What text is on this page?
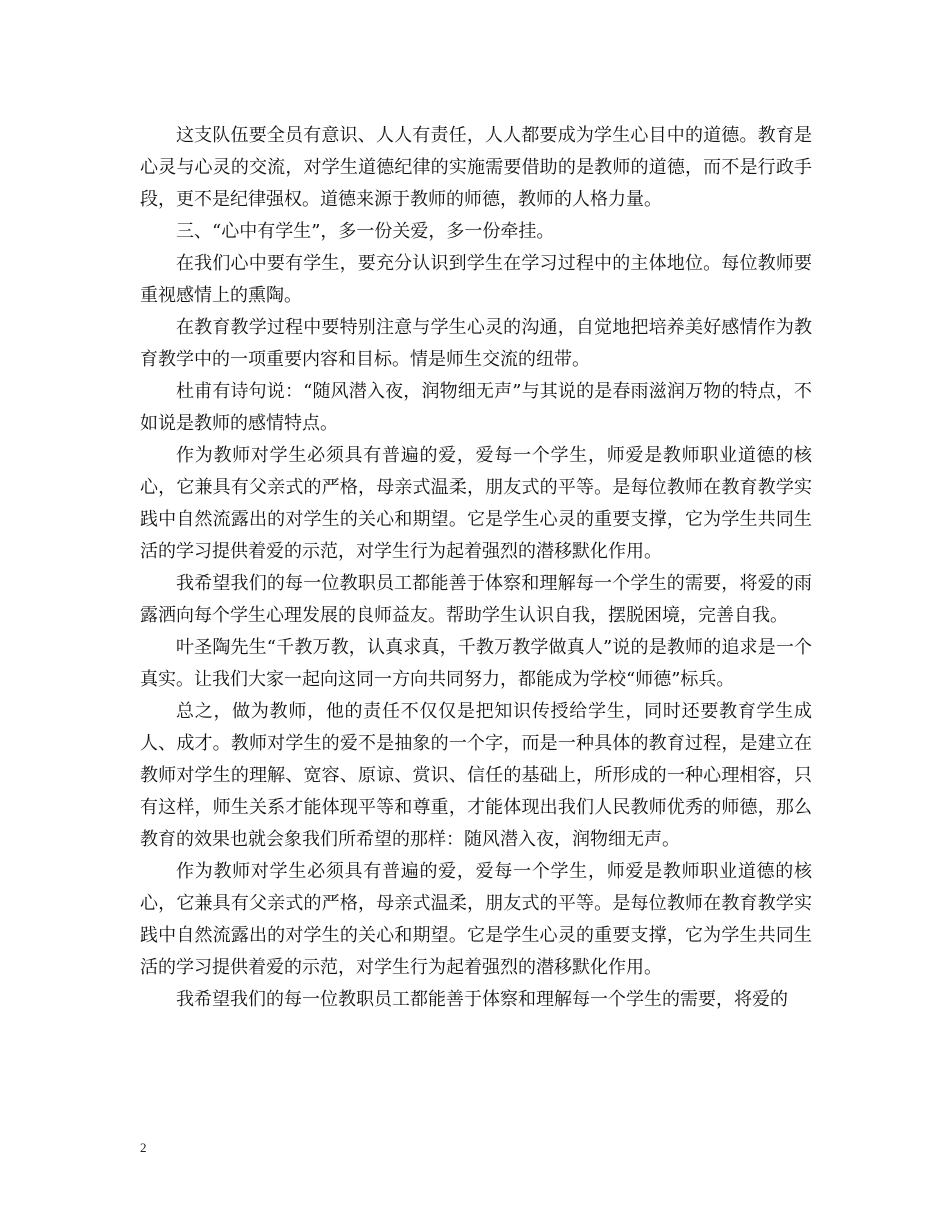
这支队伍要全员有意识、人人有责任，人人都要成为学生心目中的道德。教育是心灵与心灵的交流，对学生道德纪律的实施需要借助的是教师的道德，而不是行政手段，更不是纪律强权。道德来源于教师的师德，教师的人格力量。

三、“心中有学生”，多一份关爱，多一份牵挂。

在我们心中要有学生，要充分认识到学生在学习过程中的主体地位。每位教师要重视感情上的熏陶。

在教育教学过程中要特别注意与学生心灵的沟通，自觉地把培养美好感情作为教育教学中的一项重要内容和目标。情是师生交流的纽带。

杜甫有诗句说：“随风潜入夜，润物细无声”与其说的是春雨滋润万物的特点，不如说是教师的感情特点。

作为教师对学生必须具有普遍的爱，爱每一个学生，师爱是教师职业道德的核心，它兼具有父亲式的严格，母亲式温柔，朋友式的平等。是每位教师在教育教学实践中自然流露出的对学生的关心和期望。它是学生心灵的重要支撑，它为学生共同生活的学习提供着爱的示范，对学生行为起着强烈的潜移默化作用。

我希望我们的每一位教职员工都能善于体察和理解每一个学生的需要，将爱的雨露洒向每个学生心理发展的良师益友。帮助学生认识自我，摆脱困境，完善自我。

叶圣陶先生“千教万教，认真求真，千教万教学做真人”说的是教师的追求是一个真实。让我们大家一起向这同一方向共同努力，都能成为学校“师德”标兵。

总之，做为教师，他的责任不仅仅是把知识传授给学生，同时还要教育学生成人、成才。教师对学生的爱不是抽象的一个字，而是一种具体的教育过程，是建立在教师对学生的理解、宽容、原谅、赏识、信任的基础上，所形成的一种心理相容，只有这样，师生关系才能体现平等和尊重，才能体现出我们人民教师优秀的师德，那么教育的效果也就会象我们所希望的那样：随风潜入夜，润物细无声。

作为教师对学生必须具有普遍的爱，爱每一个学生，师爱是教师职业道德的核心，它兼具有父亲式的严格，母亲式温柔，朋友式的平等。是每位教师在教育教学实践中自然流露出的对学生的关心和期望。它是学生心灵的重要支撑，它为学生共同生活的学习提供着爱的示范，对学生行为起着强烈的潜移默化作用。

我希望我们的每一位教职员工都能善于体察和理解每一个学生的需要，将爱的

2
